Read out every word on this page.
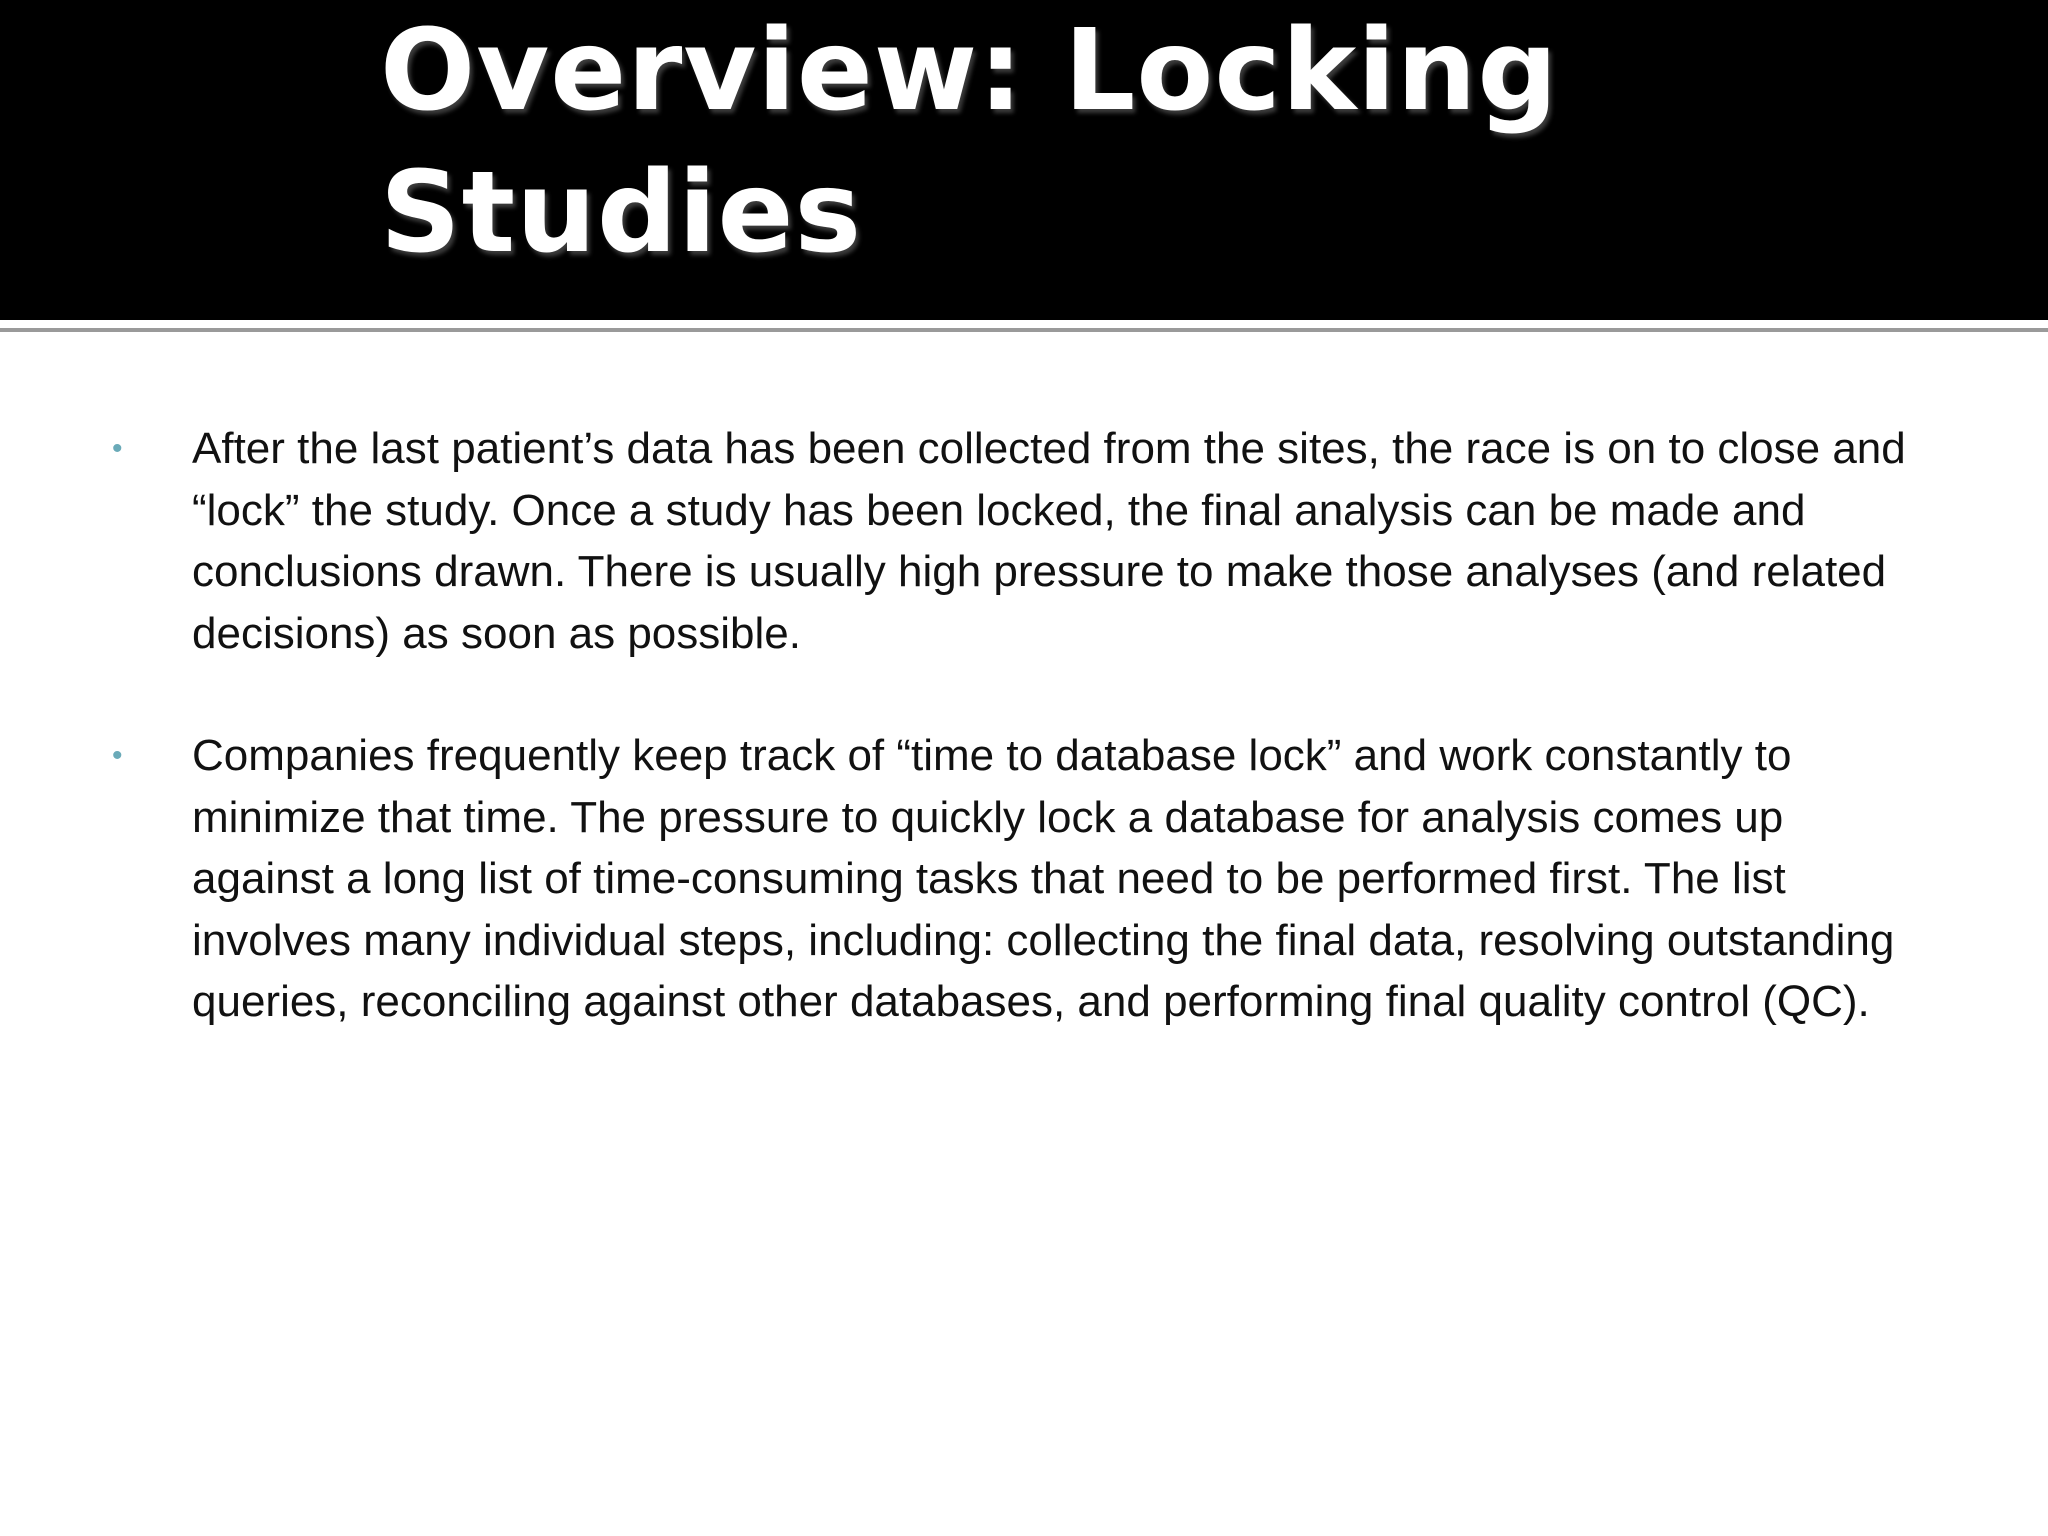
Overview: Locking Studies
•	After the last patient’s data has been collected from the sites, the race is on to close and “lock” the study. Once a study has been locked, the final analysis can be made and conclusions drawn. There is usually high pressure to make those analyses (and related decisions) as soon as possible.
•	Companies frequently keep track of “time to database lock” and work constantly to minimize that time. The pressure to quickly lock a database for analysis comes up against a long list of time-consuming tasks that need to be performed first. The list involves many individual steps, including: collecting the final data, resolving outstanding queries, reconciling against other databases, and performing final quality control (QC).
